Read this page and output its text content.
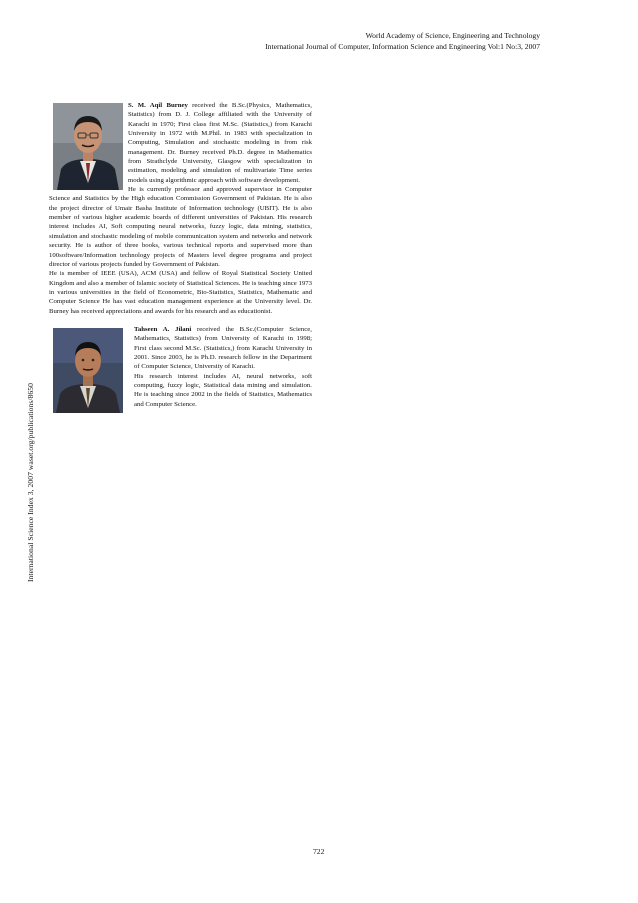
World Academy of Science, Engineering and Technology
International Journal of Computer, Information Science and Engineering Vol:1 No:3, 2007
International Science Index 3, 2007 waset.org/publications/8650

S. M. Aqil Burney received the B.Sc.(Physics, Mathematics, Statistics) from D. J. College affiliated with the University of Karachi in 1970; First class first M.Sc. (Statistics,) from Karachi University in 1972 with M.Phil. in 1983 with specialization in Computing, Simulation and stochastic modeling in from risk management. Dr. Burney received Ph.D. degree in Mathematics from Strathclyde University, Glasgow with specialization in estimation, modeling and simulation of multivariate Time series models using algorithmic approach with software development.

He is currently professor and approved supervisor in Computer Science and Statistics by the High education Commission Government of Pakistan. He is also the project director of Umair Basha Institute of Information technology (UBIT). He is also member of various higher academic boards of different universities of Pakistan. His research interest includes AI, Soft computing neural networks, fuzzy logic, data mining, statistics, simulation and stochastic modeling of mobile communication system and networks and network security. He is author of three books, various technical reports and supervised more than 100software/Information technology projects of Masters level degree programs and project director of various projects funded by Government of Pakistan.

He is member of IEEE (USA), ACM (USA) and fellow of Royal Statistical Society United Kingdom and also a member of Islamic society of Statistical Sciences. He is teaching since 1973 in various universities in the field of Econometric, Bio-Statistics, Statistics, Mathematic and Computer Science He has vast education management experience at the University level. Dr. Burney has received appreciations and awards for his research and as educationist.

Tahseen A. Jilani received the B.Sc.(Computer Science, Mathematics, Statistics) from University of Karachi in 1998; First class second M.Sc. (Statistics,) from Karachi University in 2001. Since 2003, he is Ph.D. research fellow in the Department of Computer Science, University of Karachi.

His research interest includes AI, neural networks, soft computing, fuzzy logic, Statistical data mining and simulation. He is teaching since 2002 in the fields of Statistics, Mathematics and Computer Science.

722
